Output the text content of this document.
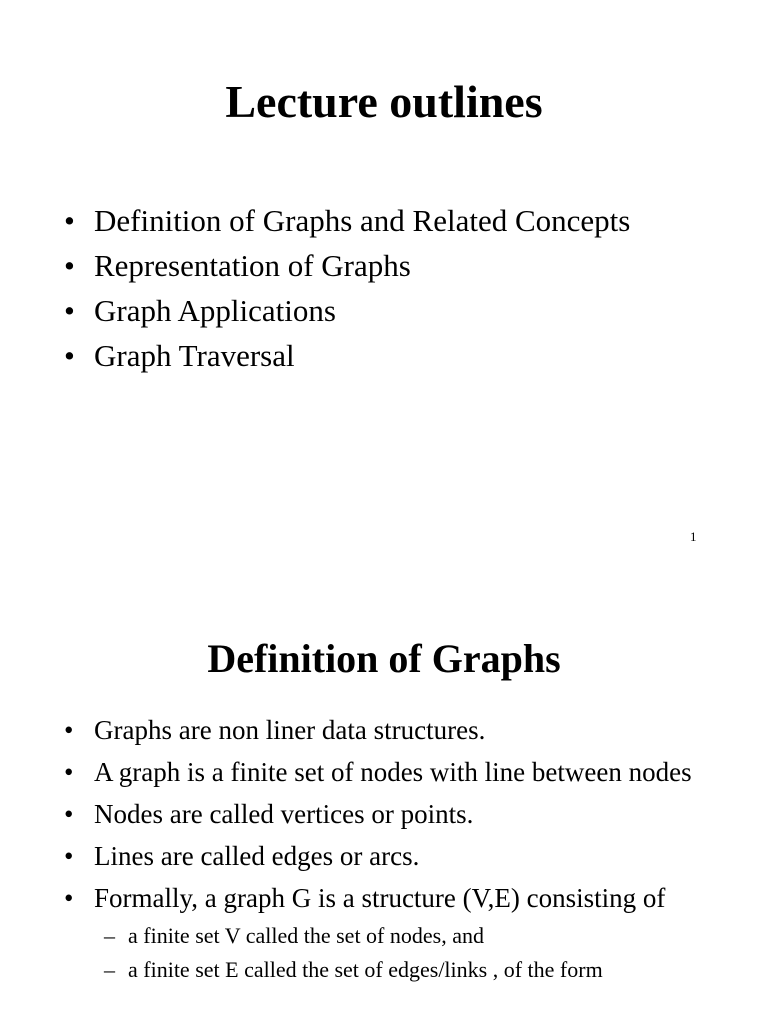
Lecture outlines
• Definition of Graphs and Related Concepts
• Representation of Graphs
• Graph Applications
• Graph Traversal
1
Definition of Graphs
• Graphs are non liner data structures.
• A graph is a finite set of nodes with line between nodes
• Nodes are called vertices or points.
• Lines are called edges or arcs.
• Formally, a graph G is a structure (V,E) consisting of
– a finite set V called the set of nodes, and
– a finite set E called the set of edges/links , of the form
